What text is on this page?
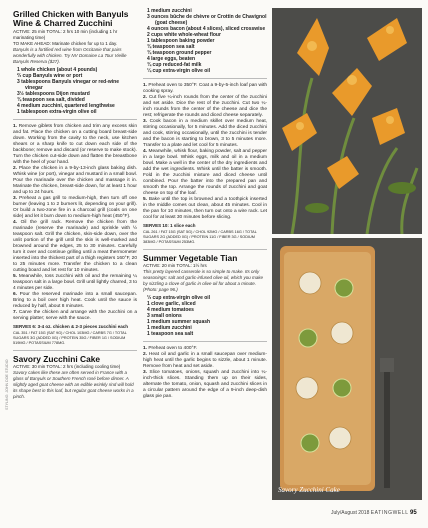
Grilled Chicken with Banyuls Wine & Charred Zucchini
ACTIVE: 25 min TOTAL: 2 hrs 10 min (including 1 hr marinating time)
TO MAKE AHEAD: Marinate chicken for up to 1 day.
Banyuls is a fortified red wine from Occitanie that pairs wonderfully with chicken. Try NV Domaine La Tour Vieille Banyuls Reserva ($27).
1 whole chicken (about 4 pounds)
⅔ cup Banyuls wine or port
3 tablespoons Banyuls vinegar or red-wine vinegar
3½ tablespoons Dijon mustard
¾ teaspoon sea salt, divided
4 medium zucchini, quartered lengthwise
1 tablespoon extra-virgin olive oil
1. Remove giblets from chicken and trim any excess skin and fat. Place the chicken on a cutting board breast-side down. Working from the cavity to the neck, use kitchen shears or a sharp knife to cut down each side of the backbone; remove and discard (or reserve to make stock). Turn the chicken cut-side down and flatten the breastbone with the heel of your hand.
2. Place the chicken in a 9-by-13-inch glass baking dish. Whisk wine (or port), vinegar and mustard in a small bowl. Pour the marinade over the chicken and massage it in. Marinate the chicken, breast-side down, for at least 1 hour and up to 24 hours.
3. Preheat a gas grill to medium-high, then turn off one burner (leaving 1 to 2 burners lit, depending on your grill). Or build a two-zone fire in a charcoal grill (coals on one side) and let it burn down to medium-high heat (450°F).
4. Oil the grill rack. Remove the chicken from the marinade (reserve the marinade) and sprinkle with ½ teaspoon salt. Grill the chicken, skin-side down, over the unlit portion of the grill until the skin is well-marked and browned around the edges, 25 to 30 minutes. Carefully turn it over and continue grilling until a meat thermometer inserted into the thickest part of a thigh registers 160°F, 20 to 25 minutes more. Transfer the chicken to a clean cutting board and let rest for 10 minutes.
5. Meanwhile, toss zucchini with oil and the remaining ¼ teaspoon salt in a large bowl. Grill until lightly charred, 3 to 4 minutes per side.
6. Pour the reserved marinade into a small saucepan. Bring to a boil over high heat. Cook until the sauce is reduced by half, about 8 minutes.
7. Carve the chicken and arrange with the zucchini on a serving platter; serve with the sauce.
SERVES 6: 3-4 oz. chicken & 2-3 pieces zucchini each
CAL 351 / FAT 15G (SAT 9G) / CHOL 103MG / CARBS 7G / TOTAL SUGARS 3G (ADDED 0G) / PROTEIN 35G / FIBER 1G / SODIUM 519MG / POTASSIUM 778MG.
Savory Zucchini Cake
ACTIVE: 30 min TOTAL: 2 hrs (including cooling time)
Savory cakes like these are often served in France with a glass of Banyuls or Southern French rosé before dinner. A slightly aged goat cheese with an edible wrinkly rind will hold its shape best in this loaf, but regular goat cheese works in a pinch.
1 medium zucchini
3 ounces bûche de chèvre or Crottin de Chavignol (goat cheese)
4 ounces bacon (about 4 slices), sliced crosswise
2 cups white whole-wheat flour
1 tablespoon baking powder
¾ teaspoon sea salt
¾ teaspoon ground pepper
4 large eggs, beaten
¾ cup reduced-fat milk
¼ cup extra-virgin olive oil
1. Preheat oven to 350°F. Coat a 9-by-5-inch loaf pan with cooking spray.
2. Cut five ¼-inch rounds from the center of the zucchini and set aside. Dice the rest of the zucchini. Cut two ¼-inch rounds from the center of the cheese and dice the rest; refrigerate the rounds and diced cheese separately.
3. Cook bacon in a medium skillet over medium heat, stirring occasionally, for 5 minutes. Add the diced zucchini and cook, stirring occasionally, until the zucchini is tender and the bacon is starting to brown, 3 to 5 minutes more. Transfer to a plate and let cool for 5 minutes.
4. Meanwhile, whisk flour, baking powder, salt and pepper in a large bowl. Whisk eggs, milk and oil in a medium bowl. Make a well in the center of the dry ingredients and add the wet ingredients. Whisk until the batter is smooth. Fold in the zucchini mixture and diced cheese until combined. Pour the batter into the prepared pan and smooth the top. Arrange the rounds of zucchini and goat cheese on top of the loaf.
5. Bake until the top is browned and a toothpick inserted in the middle comes out clean, about 45 minutes. Cool in the pan for 10 minutes, then turn out onto a wire rack. Let cool for at least 30 minutes before slicing.
SERVES 10: 1 slice each
CAL 261 / FAT 15G (SAT 5G) / CHOL 92MG / CARBS 16G / TOTAL SUGARS 2G (ADDED 0G) / PROTEIN 11G / FIBER 3G / SODIUM 383MG / POTASSIUM 253MG.
Summer Vegetable Tian
ACTIVE: 20 min TOTAL: 1½ hrs
This pretty layered casserole is so simple to make. Its only seasonings: salt and garlic-infused olive oil, which you make by sizzling a clove of garlic in olive oil for about a minute. (Photo: page 96.)
⅓ cup extra-virgin olive oil
1 clove garlic, sliced
4 medium tomatoes
3 small onions
1 medium summer squash
1 medium zucchini
1 teaspoon sea salt
1. Preheat oven to 400°F.
2. Heat oil and garlic in a small saucepan over medium-high heat until the garlic begins to sizzle, about 1 minute. Remove from heat and set aside.
3. Slice tomatoes, onions, squash and zucchini into ¼-inch-thick slices. Standing them up on their sides, alternate the tomato, onion, squash and zucchini slices in a circular pattern around the edge of a 9-inch deep-dish glass pie pan.
Savory Zucchini Cake
STYLING: JOHN DOE STUDIO
July/August 2018 EATINGWELL 95
